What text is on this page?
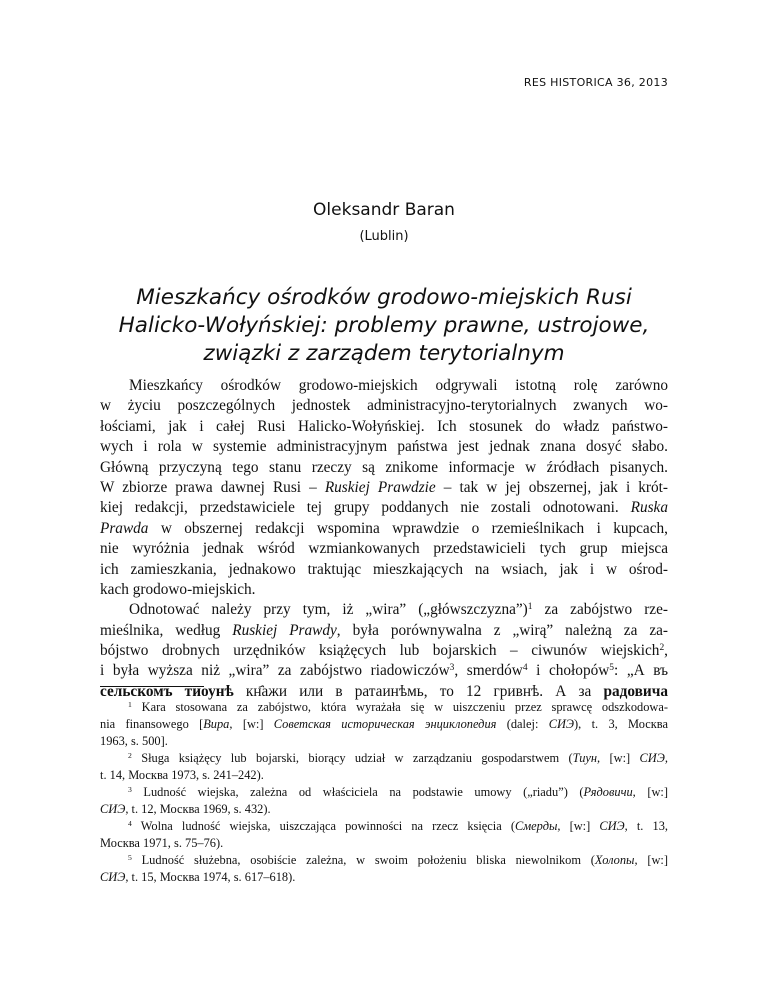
RES HISTORICA 36, 2013
Oleksandr Baran
(Lublin)
Mieszkańcy ośrodków grodowo-miejskich Rusi
Halicko-Wołyńskiej: problemy prawne, ustrojowe,
związki z zarządem terytorialnym
Mieszkańcy ośrodków grodowo-miejskich odgrywali istotną rolę zarówno
w życiu poszczególnych jednostek administracyjno-terytorialnych zwanych wo-
łościami, jak i całej Rusi Halicko-Wołyńskiej. Ich stosunek do władz państwo-
wych i rola w systemie administracyjnym państwa jest jednak znana dosyć słabo.
Główną przyczyną tego stanu rzeczy są znikome informacje w źródłach pisanych.
W zbiorze prawa dawnej Rusi – Ruskiej Prawdzie – tak w jej obszernej, jak i krót-
kiej redakcji, przedstawiciele tej grupy poddanych nie zostali odnotowani. Ruska
Prawda w obszernej redakcji wspomina wprawdzie o rzemieślnikach i kupcach,
nie wyróżnia jednak wśród wzmiankowanych przedstawicieli tych grup miejsca
ich zamieszkania, jednakowo traktując mieszkających na wsiach, jak i w ośrod-
kach grodowo-miejskich.
Odnotować należy przy tym, iż „wira” („główszczyzna”)$^1$ za zabójstwo rze-
mieślnika, według Ruskiej Prawdy, była porównywalna z „wirą” należną za za-
bójstwo drobnych urzędników książęcych lub bojarskich – ciwunów wiejskich$^2$,
i była wyższa niż „wira” za zabójstwo riadowiczów$^3$, smerdów$^4$ i chołopów$^5$: „А въ
сельскомъ тиоунѣ кн҄ажи или в ратаинѣмь, то 12 гривнѣ. А за радовича
$^1$ Kara stosowana za zabójstwo, która wyrażała się w uiszczeniu przez sprawcę odszkodowa-
nia finansowego [Вира, [w:] Советская историческая энциклопедия (dalej: СИЭ), t. 3, Москва
1963, s. 500].
$^2$ Sługa książęcy lub bojarski, biorący udział w zarządzaniu gospodarstwem (Тиун, [w:] СИЭ,
t. 14, Москва 1973, s. 241–242).
$^3$ Ludność wiejska, zależna od właściciela na podstawie umowy („riadu”) (Рядовичи, [w:]
СИЭ, t. 12, Москва 1969, s. 432).
$^4$ Wolna ludność wiejska, uiszczająca powinności na rzecz księcia (Смерды, [w:] СИЭ, t. 13,
Москва 1971, s. 75–76).
$^5$ Ludność służebna, osobiście zależna, w swoim położeniu bliska niewolnikom (Холопы, [w:]
СИЭ, t. 15, Москва 1974, s. 617–618).
